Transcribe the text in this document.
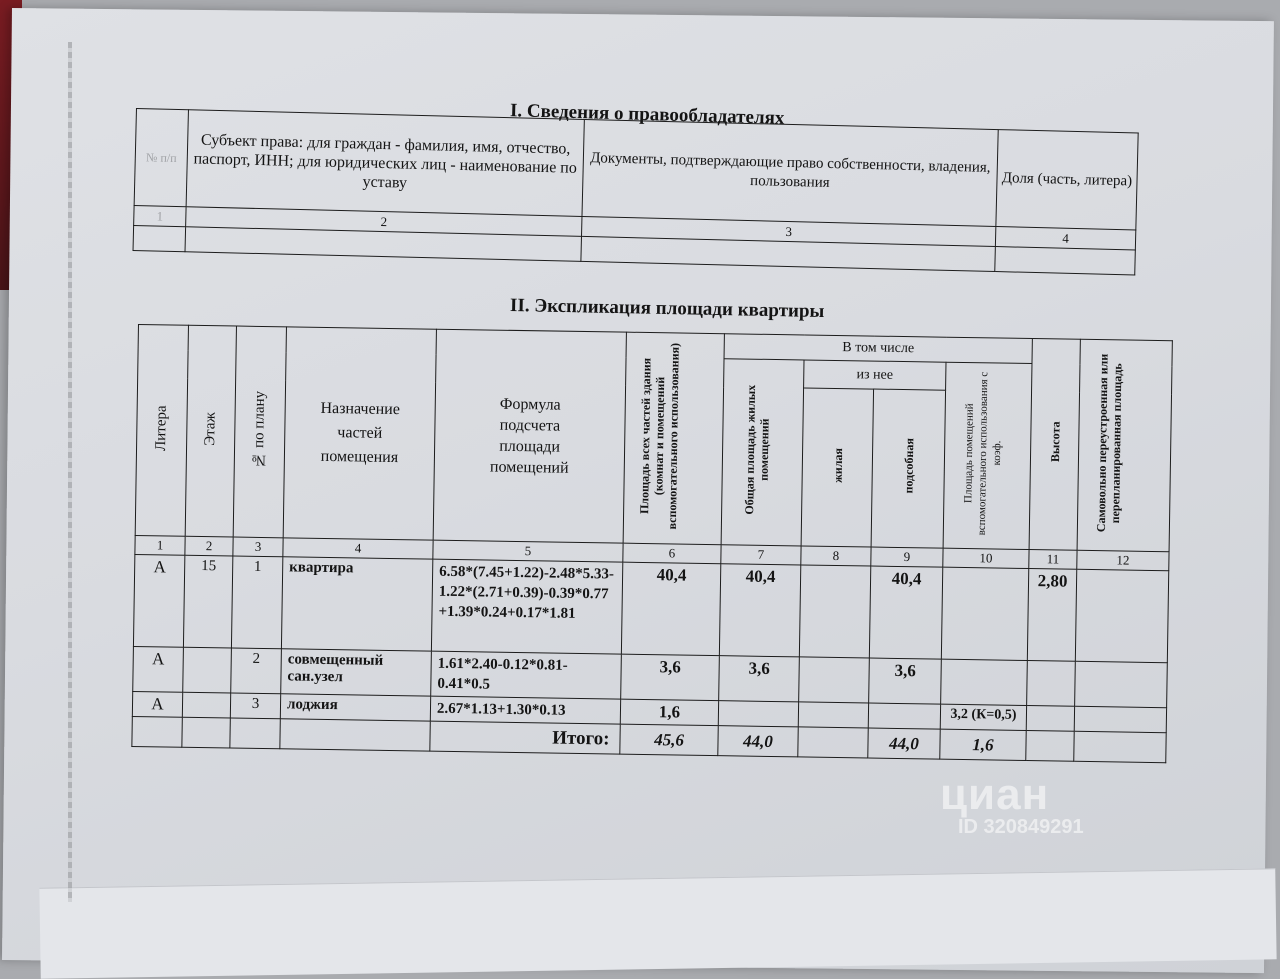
I. Сведения о правообладателях
№ п/п	Субъект права: для граждан - фамилия, имя, отчество, паспорт, ИНН; для юридических лиц - наименование по уставу	Документы, подтверждающие право собственности, владения, пользования	Доля (часть, литера)
1	2	3	4

II. Экспликация площади квартиры
Литера	Этаж	№ по плану	Назначение частей помещения	Формула подсчета площади помещений	Площадь всех частей здания (комнат и помещений вспомогательного использования)	В том числе				Высота	Самовольно переустроенная или перепланированная площадь
						Общая площадь жилых помещений	из нее		Площадь помещений вспомогательного использования с коэф.		
							жилая	подсобная			
1	2	3	4	5	6	7	8	9	10	11	12
А	15	1	квартира	6.58*(7.45+1.22)-2.48*5.33-1.22*(2.71+0.39)-0.39*0.77+1.39*0.24+0.17*1.81	40,4	40,4		40,4		2,80	
А		2	совмещенный сан.узел	1.61*2.40-0.12*0.81-0.41*0.5	3,6	3,6		3,6			
А		3	лоджия	2.67*1.13+1.30*0.13	1,6				3,2 (К=0,5)		
				Итого:	45,6	44,0		44,0	1,6		
циан
ID 320849291
